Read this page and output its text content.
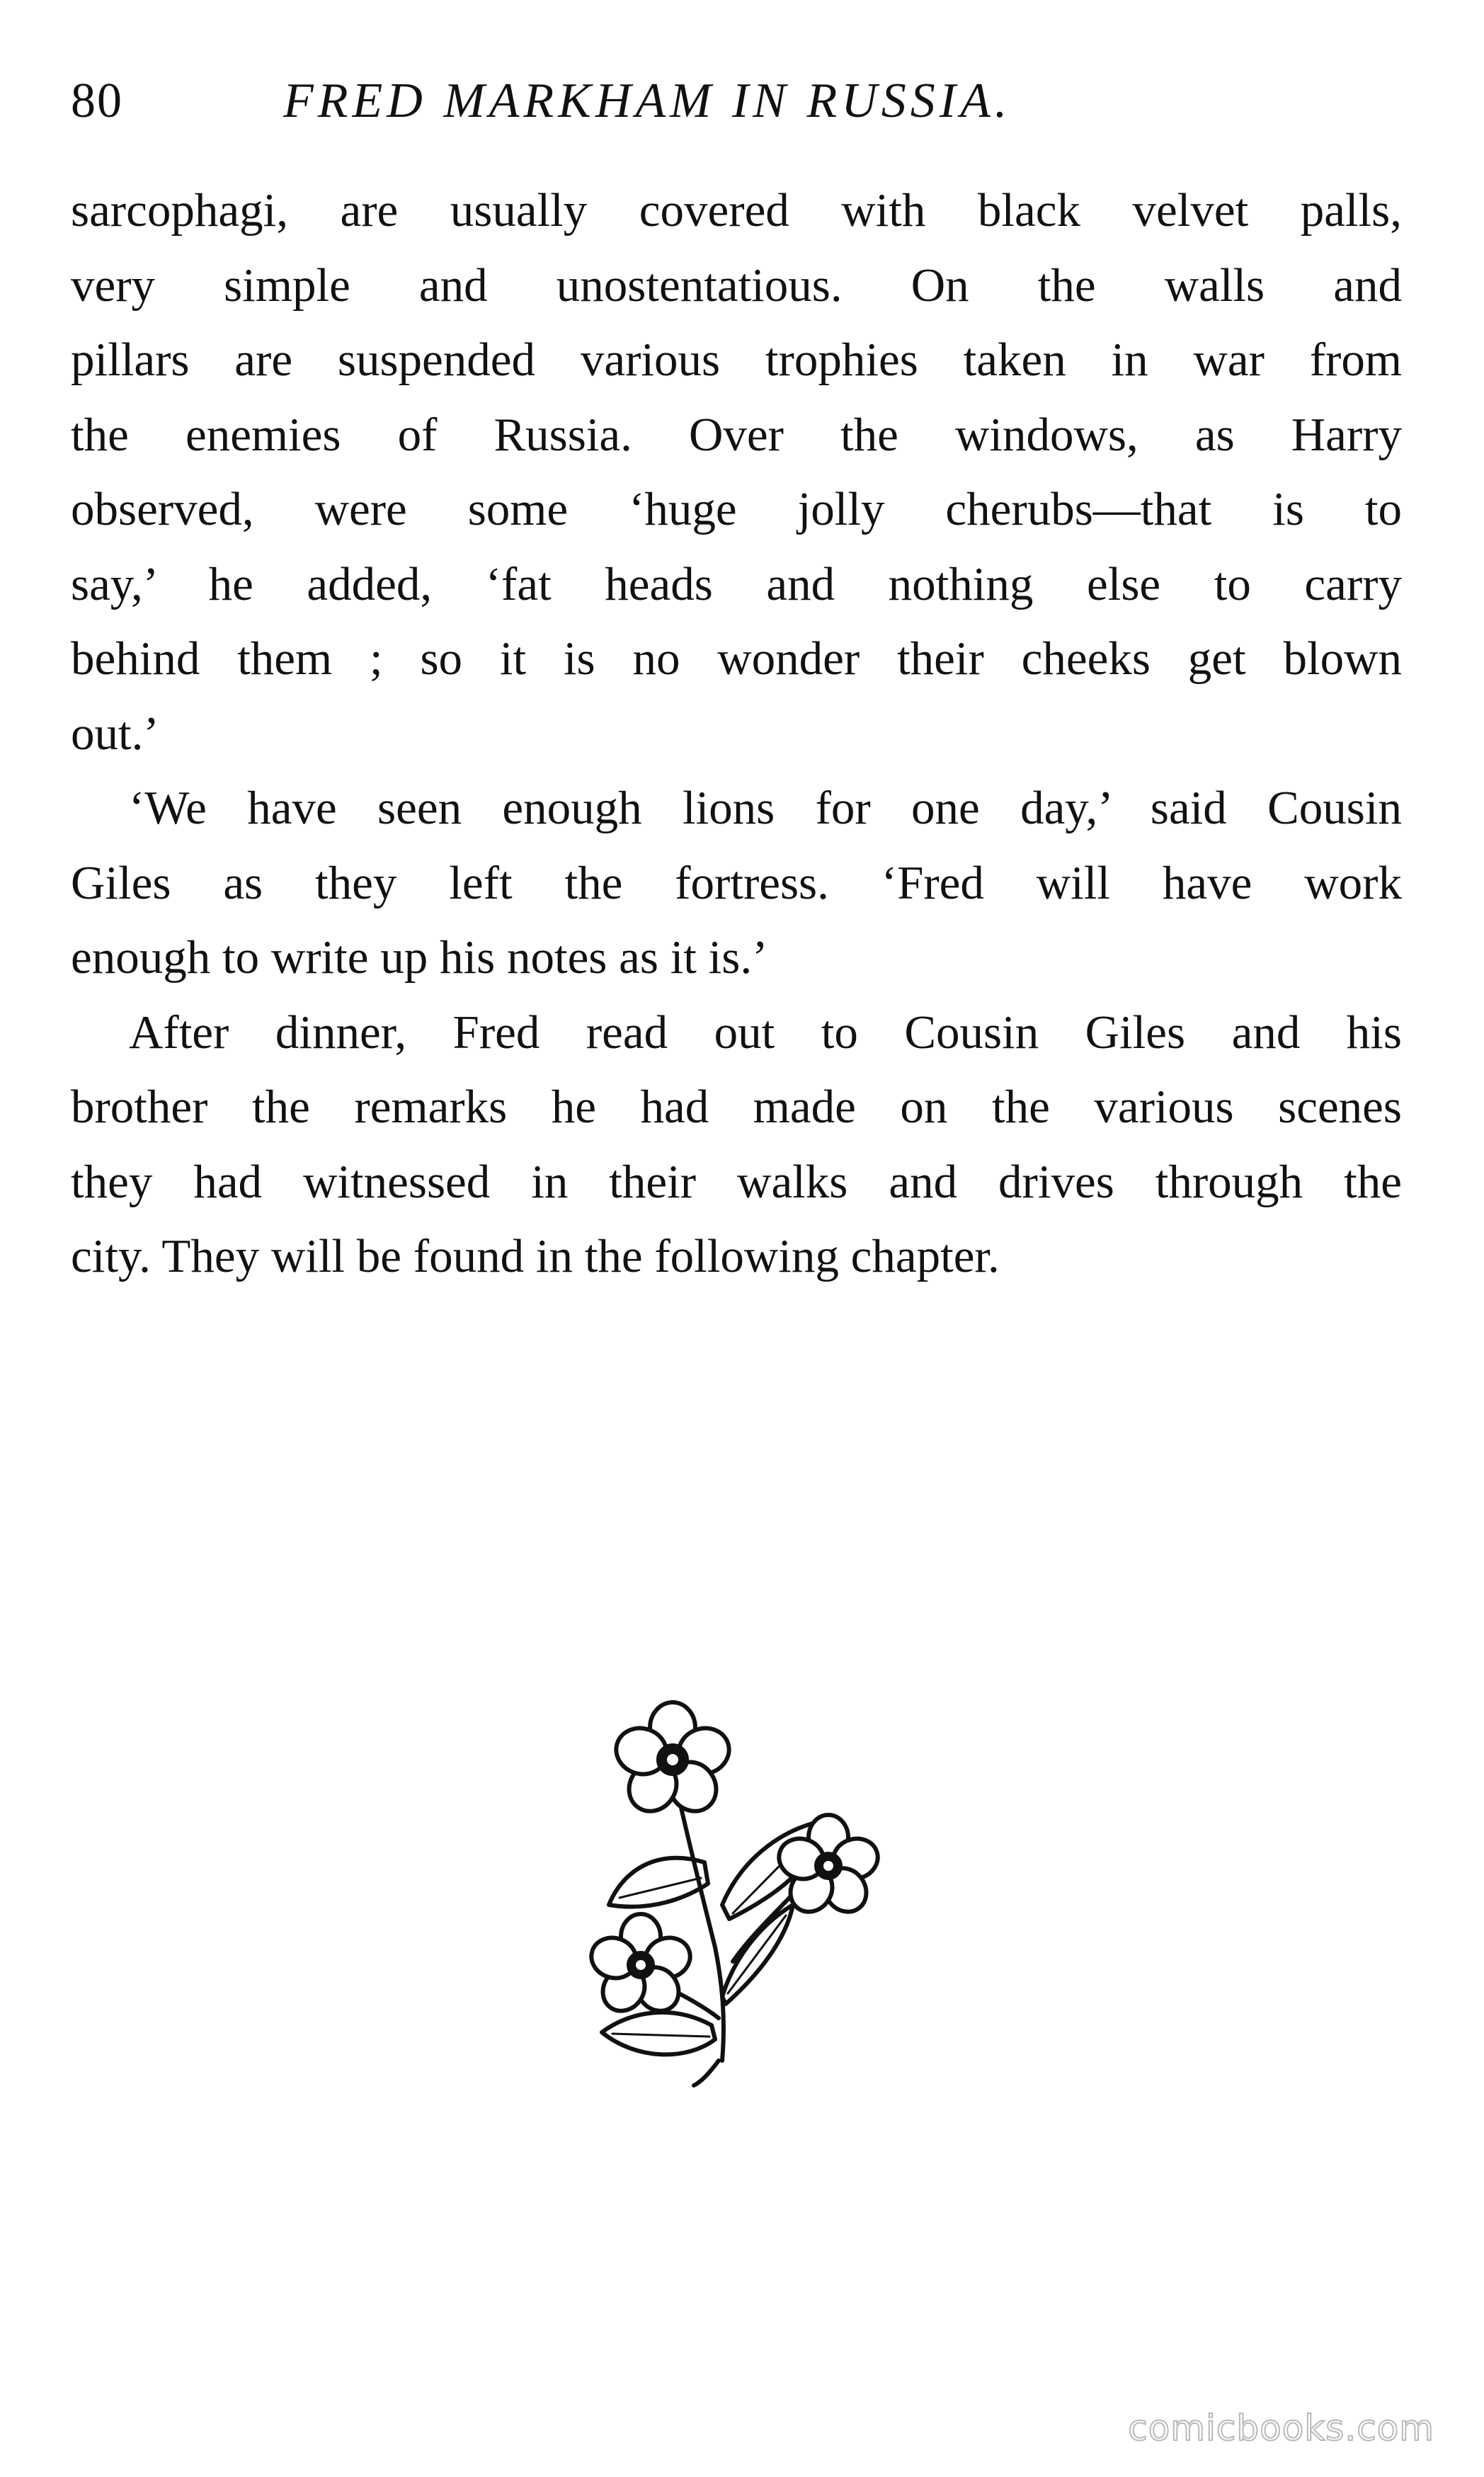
80	FRED MARKHAM IN RUSSIA.

sarcophagi, are usually covered with black velvet palls,
very simple and unostentatious. On the walls and
pillars are suspended various trophies taken in war from
the enemies of Russia. Over the windows, as Harry
observed, were some ‘huge jolly cherubs—that is to
say,’ he added, ‘fat heads and nothing else to carry
behind them ; so it is no wonder their cheeks get blown
out.’

‘We have seen enough lions for one day,’ said Cousin
Giles as they left the fortress. ‘Fred will have work
enough to write up his notes as it is.’

After dinner, Fred read out to Cousin Giles and his
brother the remarks he had made on the various scenes
they had witnessed in their walks and drives through the
city. They will be found in the following chapter.

comicbooks.com
